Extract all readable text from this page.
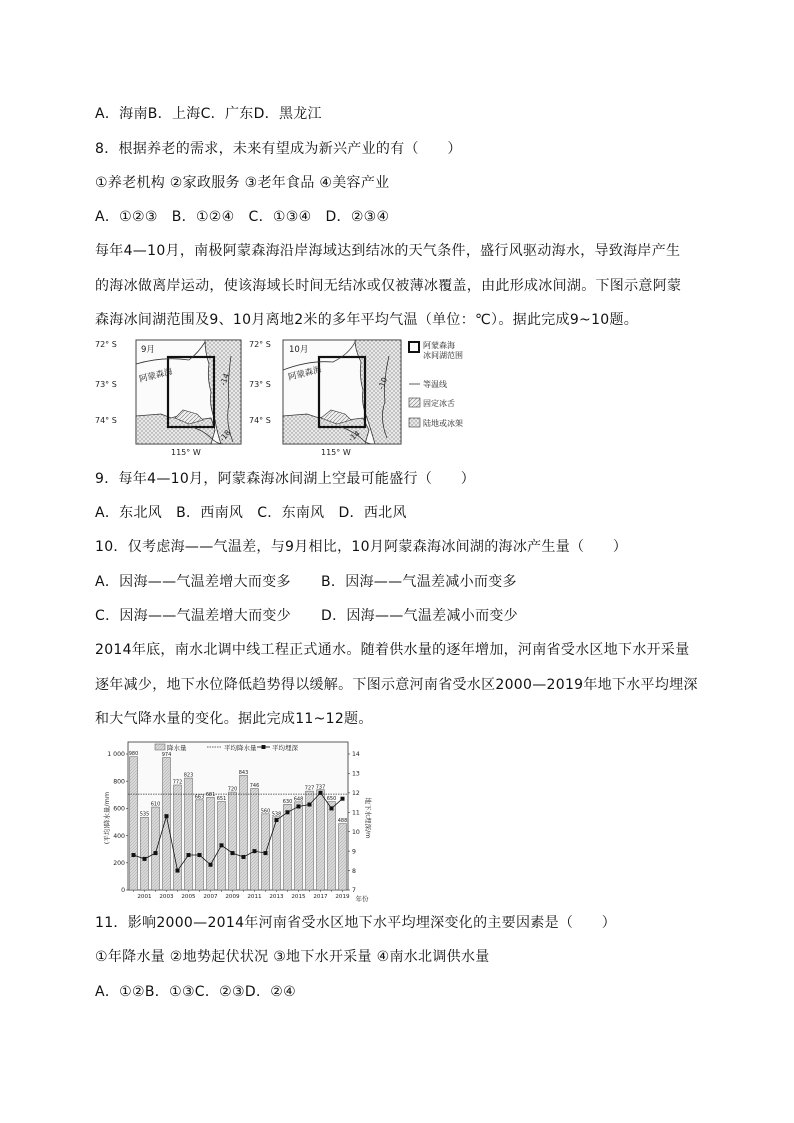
A．海南B．上海C．广东D．黑龙江
8．根据养老的需求，未来有望成为新兴产业的有（　　）
①养老机构 ②家政服务 ③老年食品 ④美容产业
A．①②③ B．①②④ C．①③④ D．②③④
每年4—10月，南极阿蒙森海沿岸海域达到结冰的天气条件，盛行风驱动海水，导致海岸产生
的海冰做离岸运动，使该海域长时间无结冰或仅被薄冰覆盖，由此形成冰间湖。下图示意阿蒙
森海冰间湖范围及9、10月离地2米的多年平均气温（单位：℃）。据此完成9~10题。
72° S
73° S
74° S
9月
阿蒙森海	-14
-18
115° W
72° S
73° S
74° S
10月
阿蒙森海
-10
-14
115° W
阿蒙森海冰间湖范围
等温线
固定冰舌
陆地或冰架
9．每年4—10月，阿蒙森海冰间湖上空最可能盛行（　　）
A．东北风 B．西南风 C．东南风 D．西北风
10．仅考虑海——气温差，与9月相比，10月阿蒙森海冰间湖的海冰产生量（　　）
A．因海——气温差增大而变多 B．因海——气温差减小而变多
C．因海——气温差增大而变少 D．因海——气温差减小而变少
2014年底，南水北调中线工程正式通水。随着供水量的逐年增加，河南省受水区地下水开采量
逐年减少，地下水位降低趋势得以缓解。下图示意河南省受水区2000—2019年地下水平均埋深
和大气降水量的变化。据此完成11~12题。
0
200
400
600
800
1 000
7
8
9
10
11
12
13
14
980
535
610
974
772
823
663 681
651
720
843
746
560 538
630 648
727 737
650
488
2001 2003 2005 2007 2009 2011 2013 2015 2017 2019
降水量	平均降水量 平均埋深
(平均)降水量/mm	地下水埋深/m
年份
11．影响2000—2014年河南省受水区地下水平均埋深变化的主要因素是（　　）
①年降水量 ②地势起伏状况 ③地下水开采量 ④南水北调供水量
A．①②B．①③C．②③D．②④
